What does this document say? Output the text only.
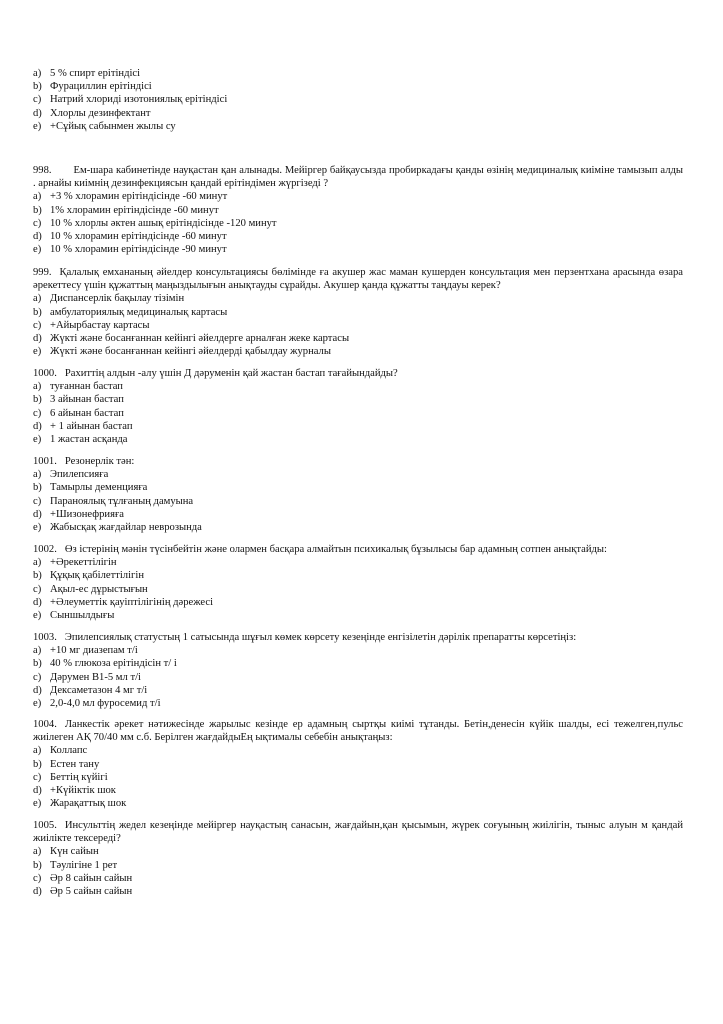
a) 5 % спирт ерітіндісі
b) Фурациллин ерітіндісі
c) Натрий хлориді изотониялық ерітіндісі
d) Хлорлы дезинфектант
e) +Сұйық сабынмен жылы су
998. Ем-шара кабинетінде науқастан қан алынады. Мейіргер байқаусызда пробиркадағы қанды өзінің медициналық киіміне тамызып алды . арнайы киімнің дезинфекциясын қандай ерітіндімен жүргізеді ?
a) +3 % хлорамин ерітіндісінде -60 минут
b) 1% хлорамин ерітіндісінде -60 минут
c) 10 % хлорлы әктен ашық ерітіндісінде -120 минут
d) 10 % хлорамин ерітіндісінде -60 минут
e) 10 % хлорамин ерітіндісінде -90 минут
999. Қалалық емхананың әйелдер консультациясы бөлімінде ға акушер жас маман кушерден консультация мен перзентхана арасында өзара әрекеттесу үшін құжаттың маңыздылығын анықтауды сұрайды. Акушер қанда құжатты таңдауы керек?
a) Диспансерлік бақылау тізімін
b) амбулаториялық медициналық картасы
c) +Айырбастау картасы
d) Жүкті және босанғаннан кейінгі әйелдерге арналған жеке картасы
e) Жүкті және босанғаннан кейінгі әйелдерді қабылдау журналы
1000. Рахиттің алдын -алу үшін Д дәруменін қай жастан бастап тағайындайды?
a) туғаннан бастап
b) 3 айынан бастап
c) 6 айынан бастап
d) + 1 айынан бастап
e) 1 жастан асқанда
1001. Резонерлік тән:
a) Эпилепсияға
b) Тамырлы деменцияға
c) Параноялық тұлғаның дамуына
d) +Шизонефрияға
e) Жабысқақ жағдайлар неврозында
1002. Өз істерінің мәнін түсінбейтін және олармен басқара алмайтын психикалық бұзылысы бар адамның сотпен анықтайды:
a) +Әрекеттілігін
b) Құқық қабілеттілігін
c) Ақыл-ес дұрыстығын
d) +Әлеуметтік қауіптілігінің дәрежесі
e) Сыншылдығы
1003. Эпилепсиялық статустың 1 сатысында шұғыл көмек көрсету кезеңінде енгізілетін дәрілік препаратты көрсетіңіз:
a) +10 мг диазепам т/і
b) 40 % глюкоза ерітіндісін т/ і
c) Дәрумен В1-5 мл т/і
d) Дексаметазон 4 мг т/і
e) 2,0-4,0 мл фуросемид т/і
1004. Ланкестік әрекет нәтижесінде жарылыс кезінде ер адамның сыртқы киімі тұтанды. Бетін,денесін күйік шалды, есі тежелген,пульс жиілеген АҚ 70/40 мм с.б. Берілген жағдайдыЕң ықтималы себебін анықтаңыз:
a) Коллапс
b) Естен тану
c) Беттің күйігі
d) +Күйіктік шок
e) Жарақаттық шок
1005. Инсульттің жедел кезеңінде мейіргер науқастың санасын, жағдайын,қан қысымын, жүрек соғуының жиілігін, тыныс алуын м қандай жиілікте тексереді?
a) Күн сайын
b) Тәулігіне 1 рет
c) Әр 8 сайын сайын
d) Әр 5 сайын сайын
